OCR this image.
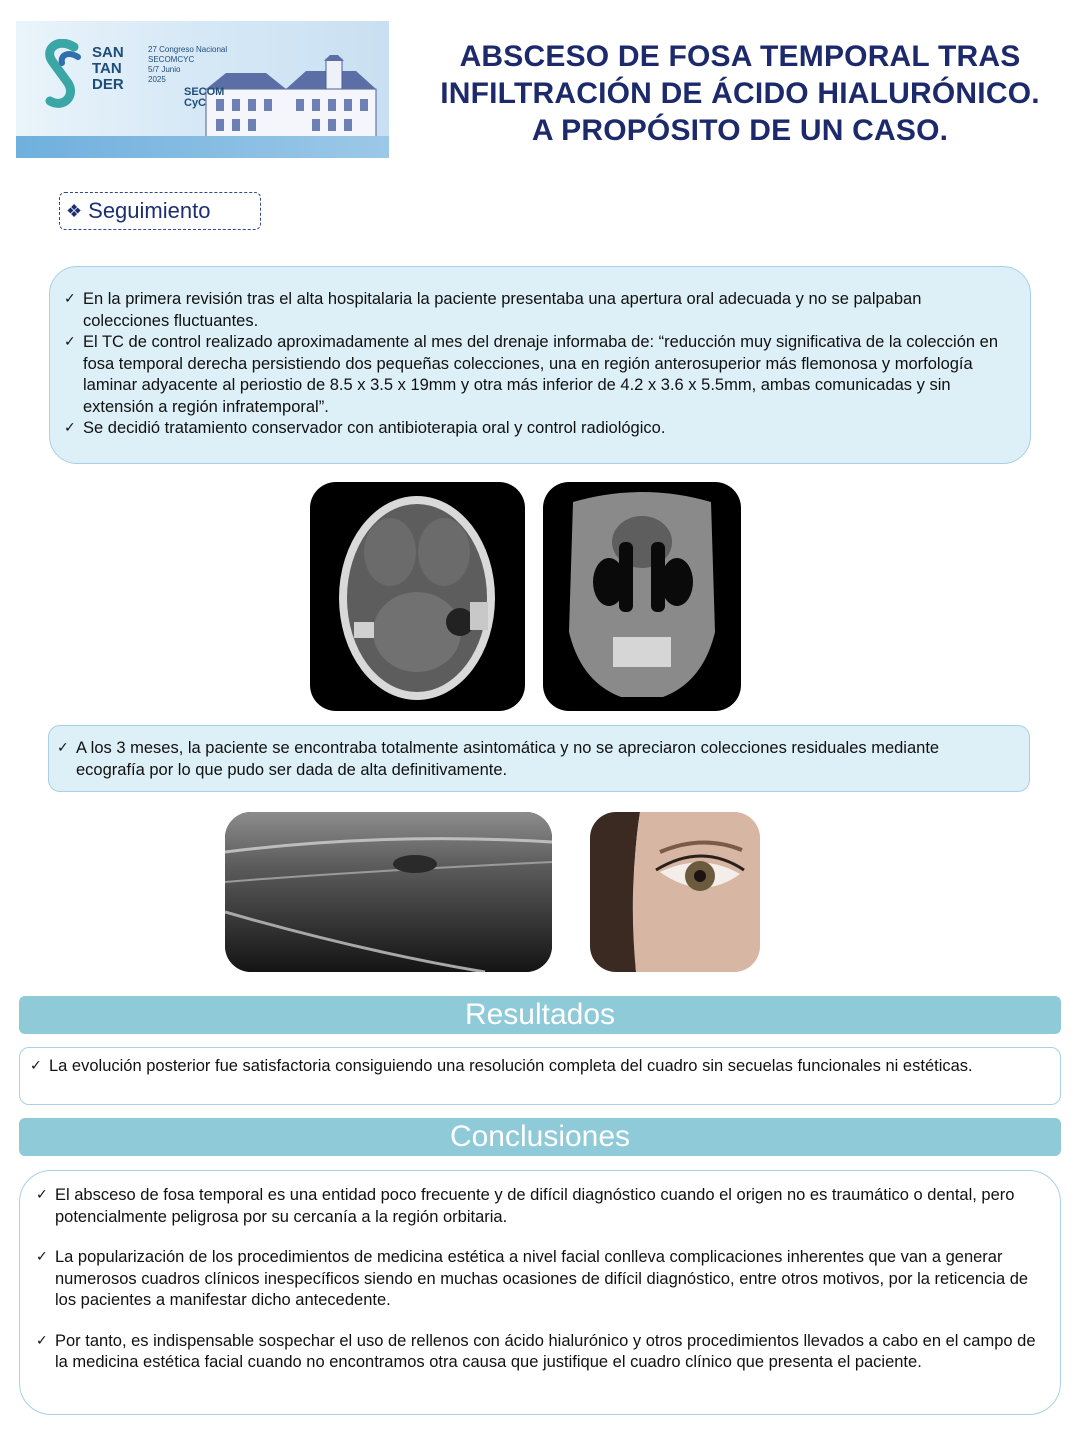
SAN
TAN
DER
27 Congreso Nacional
SECOMCYC
5/7 Junio
2025
SECOM
CyC
ABSCESO DE FOSA TEMPORAL TRAS
INFILTRACIÓN DE ÁCIDO HIALURÓNICO.
A PROPÓSITO DE UN CASO.
❖ Seguimiento
✓ En la primera revisión tras el alta hospitalaria la paciente presentaba una apertura oral adecuada y no se palpaban colecciones fluctuantes.
✓ El TC de control realizado aproximadamente al mes del drenaje informaba de: “reducción muy significativa de la colección en fosa temporal derecha persistiendo dos pequeñas colecciones, una en región anterosuperior más flemonosa y morfología laminar adyacente al periostio de 8.5 x 3.5 x 19mm y otra más inferior de 4.2 x 3.6 x 5.5mm, ambas comunicadas y sin extensión a región infratemporal”.
✓ Se decidió tratamiento conservador con antibioterapia oral y control radiológico.
✓ A los 3 meses, la paciente se encontraba totalmente asintomática y no se apreciaron colecciones residuales mediante ecografía por lo que pudo ser dada de alta definitivamente.
Resultados
✓ La evolución posterior fue satisfactoria consiguiendo una resolución completa del cuadro sin secuelas funcionales ni estéticas.
Conclusiones
✓ El absceso de fosa temporal es una entidad poco frecuente y de difícil diagnóstico cuando el origen no es traumático o dental, pero potencialmente peligrosa por su cercanía a la región orbitaria.
✓ La popularización de los procedimientos de medicina estética a nivel facial conlleva complicaciones inherentes que van a generar numerosos cuadros clínicos inespecíficos siendo en muchas ocasiones de difícil diagnóstico, entre otros motivos, por la reticencia de los pacientes a manifestar dicho antecedente.
✓ Por tanto, es indispensable sospechar el uso de rellenos con ácido hialurónico y otros procedimientos llevados a cabo en el campo de la medicina estética facial cuando no encontramos otra causa que justifique el cuadro clínico que presenta el paciente.
